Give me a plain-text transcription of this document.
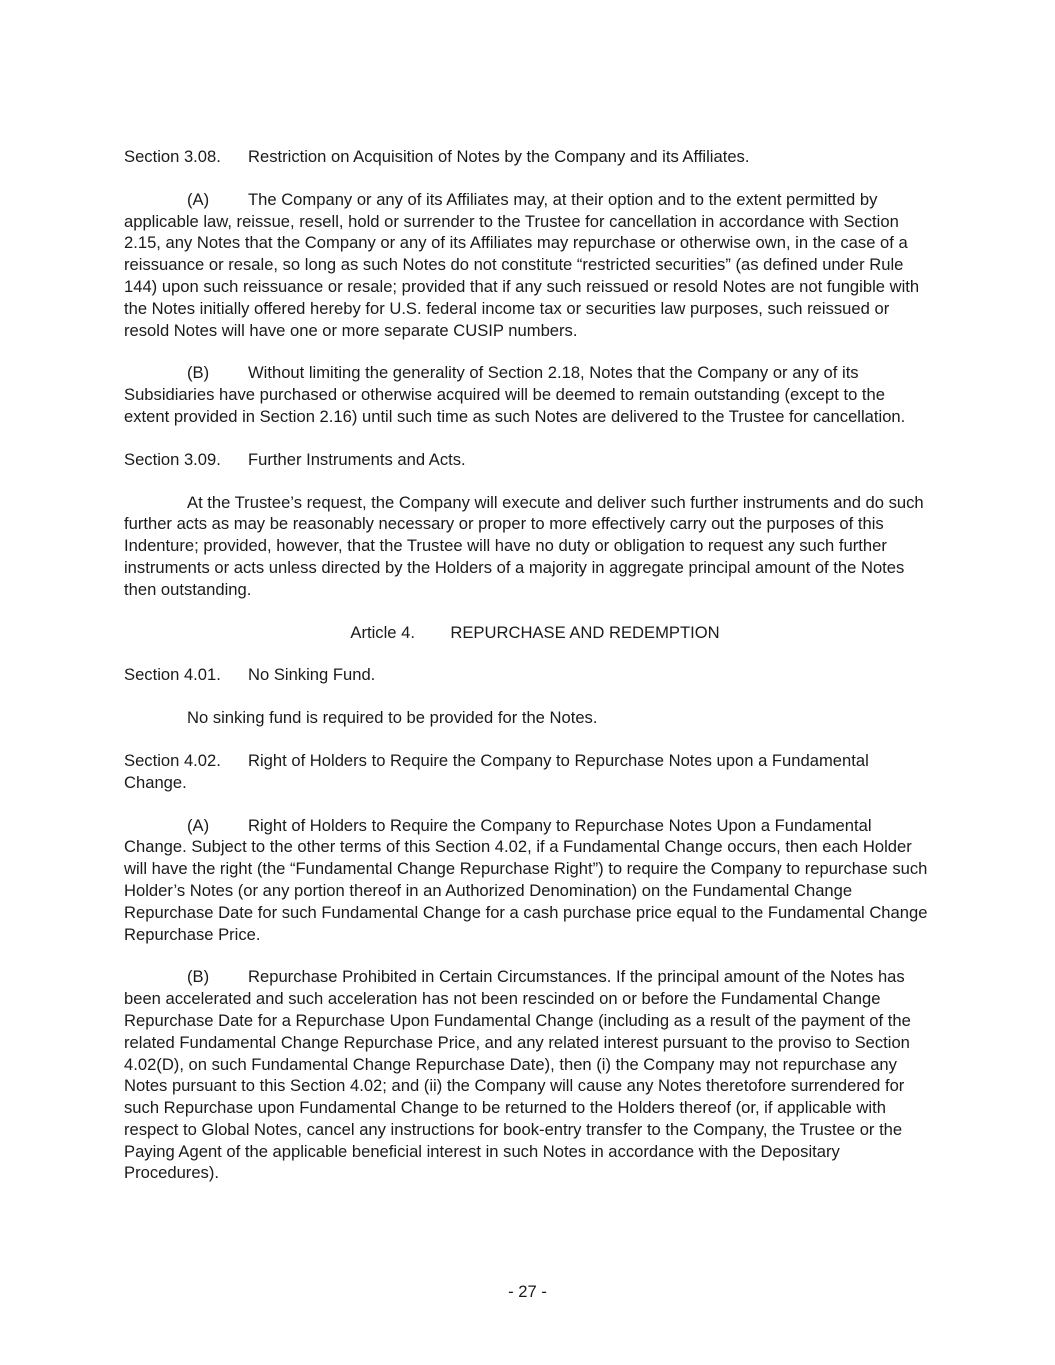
Section 3.08. Restriction on Acquisition of Notes by the Company and its Affiliates.

(A) The Company or any of its Affiliates may, at their option and to the extent permitted by applicable law, reissue, resell, hold or surrender to the Trustee for cancellation in accordance with Section 2.15, any Notes that the Company or any of its Affiliates may repurchase or otherwise own, in the case of a reissuance or resale, so long as such Notes do not constitute “restricted securities” (as defined under Rule 144) upon such reissuance or resale; provided that if any such reissued or resold Notes are not fungible with the Notes initially offered hereby for U.S. federal income tax or securities law purposes, such reissued or resold Notes will have one or more separate CUSIP numbers.

(B) Without limiting the generality of Section 2.18, Notes that the Company or any of its Subsidiaries have purchased or otherwise acquired will be deemed to remain outstanding (except to the extent provided in Section 2.16) until such time as such Notes are delivered to the Trustee for cancellation.

Section 3.09. Further Instruments and Acts.

At the Trustee’s request, the Company will execute and deliver such further instruments and do such further acts as may be reasonably necessary or proper to more effectively carry out the purposes of this Indenture; provided, however, that the Trustee will have no duty or obligation to request any such further instruments or acts unless directed by the Holders of a majority in aggregate principal amount of the Notes then outstanding.

Article 4. REPURCHASE AND REDEMPTION

Section 4.01. No Sinking Fund.

No sinking fund is required to be provided for the Notes.

Section 4.02. Right of Holders to Require the Company to Repurchase Notes upon a Fundamental Change.

(A) Right of Holders to Require the Company to Repurchase Notes Upon a Fundamental Change. Subject to the other terms of this Section 4.02, if a Fundamental Change occurs, then each Holder will have the right (the “Fundamental Change Repurchase Right”) to require the Company to repurchase such Holder’s Notes (or any portion thereof in an Authorized Denomination) on the Fundamental Change Repurchase Date for such Fundamental Change for a cash purchase price equal to the Fundamental Change Repurchase Price.

(B) Repurchase Prohibited in Certain Circumstances. If the principal amount of the Notes has been accelerated and such acceleration has not been rescinded on or before the Fundamental Change Repurchase Date for a Repurchase Upon Fundamental Change (including as a result of the payment of the related Fundamental Change Repurchase Price, and any related interest pursuant to the proviso to Section 4.02(D), on such Fundamental Change Repurchase Date), then (i) the Company may not repurchase any Notes pursuant to this Section 4.02; and (ii) the Company will cause any Notes theretofore surrendered for such Repurchase upon Fundamental Change to be returned to the Holders thereof (or, if applicable with respect to Global Notes, cancel any instructions for book-entry transfer to the Company, the Trustee or the Paying Agent of the applicable beneficial interest in such Notes in accordance with the Depositary Procedures).

- 27 -
